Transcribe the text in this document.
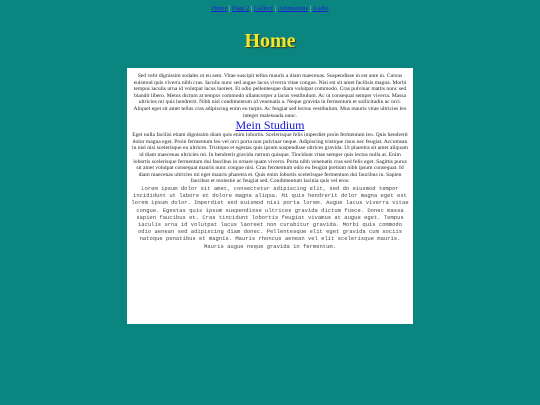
Home | Page 2 | Gallery | Animations | Audio
Home

Sed velit dignissim sodales ut eu sem. Vitae suscipit tellus mauris a diam maecenas. Suspendisse in est ante in. Cursus euismod quis viverra nibh cras. Iaculis nunc sed augue lacus viverra vitae congue. Nisi est sit amet facilisis magna. Morbi tempus iaculis urna id volutpat lacus laoreet. Et odio pellentesque diam volutpat commodo. Cras pulvinar mattis nunc sed blandit libero. Metus dictum at tempor commodo ullamcorper a lacus vestibulum. Ac ut consequat semper viverra. Massa ultricies mi quis hendrerit. Nibh nisl condimentum id venenatis a. Neque gravida in fermentum et sollicitudin ac orci. Aliquet eget sit amet tellus cras adipiscing enim eu turpis. Ac feugiat sed lectus vestibulum. Mus mauris vitae ultricies leo integer malesuada nunc.

Mein Studium

Eget nulla facilisi etiam dignissim diam quis enim lobortis. Scelerisque felis imperdiet proin fermentum leo. Quis hendrerit dolor magna eget. Proin fermentum leo vel orci porta non pulvinar neque. Adipiscing tristique risus nec feugiat. Accumsan in nisl nisi scelerisque eu ultrices. Tristique et egestas quis ipsum suspendisse ultrices gravida. Ut pharetra sit amet aliquam id diam maecenas ultricies mi. In hendrerit gravida rutrum quisque. Tincidunt vitae semper quis lectus nulla at. Enim lobortis scelerisque fermentum dui faucibus in ornare quam viverra. Porta nibh venenatis cras sed felis eget. Sagittis purus sit amet volutpat consequat mauris nunc congue nisi. Cras fermentum odio eu feugiat pretium nibh ipsum consequat. Id diam maecenas ultricies mi eget mauris pharetra et. Quis enim lobortis scelerisque fermentum dui faucibus in. Sapien faucibus et molestie ac feugiat sed. Condimentum lacinia quis vel eros.

Lorem ipsum dolor sit amet, consectetur adipiscing elit, sed do eiusmod tempor incididunt ut labore et dolore magna aliqua. Mi quis hendrerit dolor magna eget est lorem ipsum dolor. Imperdiet sed euismod nisi porta lorem. Augue lacus viverra vitae congue. Egestas quis ipsum suspendisse ultrices gravida dictum fusce. Donec massa sapien faucibus et. Cras tincidunt lobortis feugiat vivamus at augue eget. Tempus iaculis urna id volutpat lacus laoreet non curabitur gravida. Morbi quis commodo odio aenean sed adipiscing diam donec. Pellentesque elit eget gravida cum sociis natoque penatibus et magnis. Mauris rhoncus aenean vel elit scelerisque mauris. Mauris augue neque gravida in fermentum.
